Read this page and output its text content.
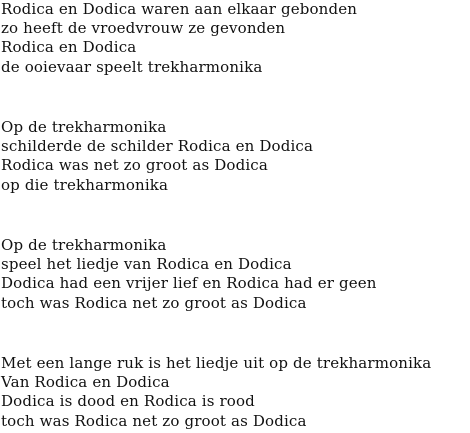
Rodica en Dodica waren aan elkaar gebonden
zo heeft de vroedvrouw ze gevonden
Rodica en Dodica
de ooievaar speelt trekharmonika
Op de trekharmonika
schilderde de schilder Rodica en Dodica
Rodica was net zo groot as Dodica
op die trekharmonika
Op de trekharmonika
speel het liedje van Rodica en Dodica
Dodica had een vrijer lief en Rodica had er geen
toch was Rodica net zo groot as Dodica
Met een lange ruk is het liedje uit op de trekharmonika
Van Rodica en Dodica
Dodica is dood en Rodica is rood
toch was Rodica net zo groot as Dodica
